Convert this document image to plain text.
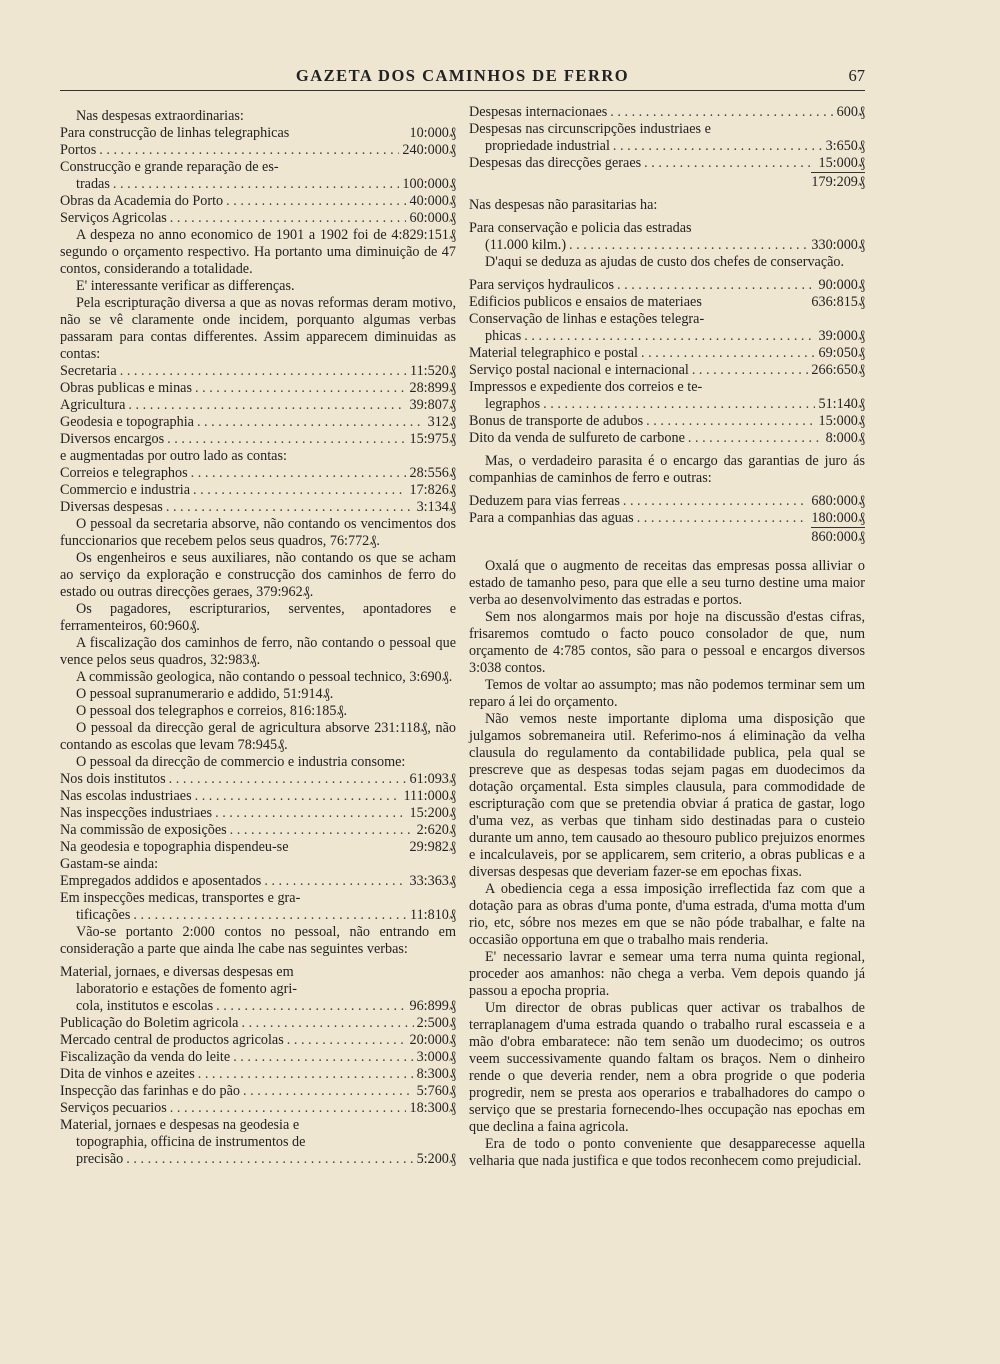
GAZETA DOS CAMINHOS DE FERRO	67

Nas despesas extraordinarias:

Para construcção de linhas telegraphicas	10:000₰
Portos . . .	240:000₰
Construcção e grande reparação de es-
tradas . . .	100:000₰
Obras da Academia do Porto . . .	40:000₰
Serviços Agricolas . . .	60:000₰

A despeza no anno economico de 1901 a 1902 foi de 4:829:151₰ segundo o orçamento respectivo. Ha portanto uma diminuição de 47 contos, considerando a totalidade.

E' interessante verificar as differenças.

Pela escripturação diversa a que as novas reformas deram motivo, não se vê claramente onde incidem, porquanto algumas verbas passaram para contas differentes. Assim apparecem diminuidas as contas:

Secretaria . . .	11:520₰
Obras publicas e minas . . .	28:899₰
Agricultura . . .	39:807₰
Geodesia e topographia . . .	312₰
Diversos encargos . . .	15:975₰

e augmentadas por outro lado as contas:

Correios e telegraphos . . .	28:556₰
Commercio e industria . . .	17:826₰
Diversas despesas . . .	3:134₰

O pessoal da secretaria absorve, não contando os vencimentos dos funccionarios que recebem pelos seus quadros, 76:772₰.

Os engenheiros e seus auxiliares, não contando os que se acham ao serviço da exploração e construcção dos caminhos de ferro do estado ou outras direcções geraes, 379:962₰.

Os pagadores, escripturarios, serventes, apontadores e ferramenteiros, 60:960₰.

A fiscalização dos caminhos de ferro, não contando o pessoal que vence pelos seus quadros, 32:983₰.

A commissão geologica, não contando o pessoal technico, 3:690₰.

O pessoal supranumerario e addido, 51:914₰.

O pessoal dos telegraphos e correios, 816:185₰.

O pessoal da direcção geral de agricultura absorve 231:118₰, não contando as escolas que levam 78:945₰.

O pessoal da direcção de commercio e industria consome:

Nos dois institutos . . .	61:093₰
Nas escolas industriaes . . .	111:000₰
Nas inspecções industriaes . . .	15:200₰
Na commissão de exposições . . .	2:620₰
Na geodesia e topographia dispendeu-se	29:982₰
Gastam-se ainda:
Empregados addidos e aposentados . . .	33:363₰
Em inspecções medicas, transportes e gra-
tificações . . .	11:810₰

Vão-se portanto 2:000 contos no pessoal, não entrando em consideração a parte que ainda lhe cabe nas seguintes verbas:

Material, jornaes, e diversas despesas em
laboratorio e estações de fomento agri-
cola, institutos e escolas . . .	96:899₰
Publicação do Boletim agricola . . .	2:500₰
Mercado central de productos agricolas . . .	20:000₰
Fiscalização da venda do leite . . .	3:000₰
Dita de vinhos e azeites . . .	8:300₰
Inspecção das farinhas e do pão . . .	5:760₰
Serviços pecuarios . . .	18:300₰
Material, jornaes e despesas na geodesia e
topographia, officina de instrumentos de
precisão . . .	5:200₰
Despesas internacionaes . . .	600₰
Despesas nas circunscripções industriaes e
propriedade industrial . . .	3:650₰
Despesas das direcções geraes . . .	15:000₰
179:209₰

Nas despesas não parasitarias ha:

Para conservação e policia das estradas
(11.000 kilm.) . . .	330:000₰

D'aqui se deduza as ajudas de custo dos chefes de conservação.

Para serviços hydraulicos . . .	90:000₰
Edificios publicos e ensaios de materiaes	636:815₰
Conservação de linhas e estações telegra-
phicas . . .	39:000₰
Material telegraphico e postal . . .	69:050₰
Serviço postal nacional e internacional . . .	266:650₰
Impressos e expediente dos correios e te-
legraphos . . .	51:140₰
Bonus de transporte de adubos . . .	15:000₰
Dito da venda de sulfureto de carbone . . .	8:000₰

Mas, o verdadeiro parasita é o encargo das garantias de juro ás companhias de caminhos de ferro e outras:

Deduzem para vias ferreas . . .	680:000₰
Para a companhias das aguas . . .	180:000₰
860:000₰

Oxalá que o augmento de receitas das empresas possa alliviar o estado de tamanho peso, para que elle a seu turno destine uma maior verba ao desenvolvimento das estradas e portos.

Sem nos alongarmos mais por hoje na discussão d'estas cifras, frisaremos comtudo o facto pouco consolador de que, num orçamento de 4:785 contos, são para o pessoal e encargos diversos 3:038 contos.

Temos de voltar ao assumpto; mas não podemos terminar sem um reparo á lei do orçamento.

Não vemos neste importante diploma uma disposição que julgamos sobremaneira util. Referimo-nos á eliminação da velha clausula do regulamento da contabilidade publica, pela qual se prescreve que as despesas todas sejam pagas em duodecimos da dotação orçamental. Esta simples clausula, para commodidade de escripturação com que se pretendia obviar á pratica de gastar, logo d'uma vez, as verbas que tinham sido destinadas para o custeio durante um anno, tem causado ao thesouro publico prejuizos enormes e incalculaveis, por se applicarem, sem criterio, a obras publicas e a diversas despesas que deveriam fazer-se em epochas fixas.

A obediencia cega a essa imposição irreflectida faz com que a dotação para as obras d'uma ponte, d'uma estrada, d'uma motta d'um rio, etc, sóbre nos mezes em que se não póde trabalhar, e falte na occasião opportuna em que o trabalho mais renderia.

E' necessario lavrar e semear uma terra numa quinta regional, proceder aos amanhos: não chega a verba. Vem depois quando já passou a epocha propria.

Um director de obras publicas quer activar os trabalhos de terraplanagem d'uma estrada quando o trabalho rural escasseia e a mão d'obra embaratece: não tem senão um duodecimo; os outros veem successivamente quando faltam os braços. Nem o dinheiro rende o que deveria render, nem a obra progride o que poderia progredir, nem se presta aos operarios e trabalhadores do campo o serviço que se prestaria fornecendo-lhes occupação nas epochas em que declina a faina agricola.

Era de todo o ponto conveniente que desapparecesse aquella velharia que nada justifica e que todos reconhecem como prejudicial.
